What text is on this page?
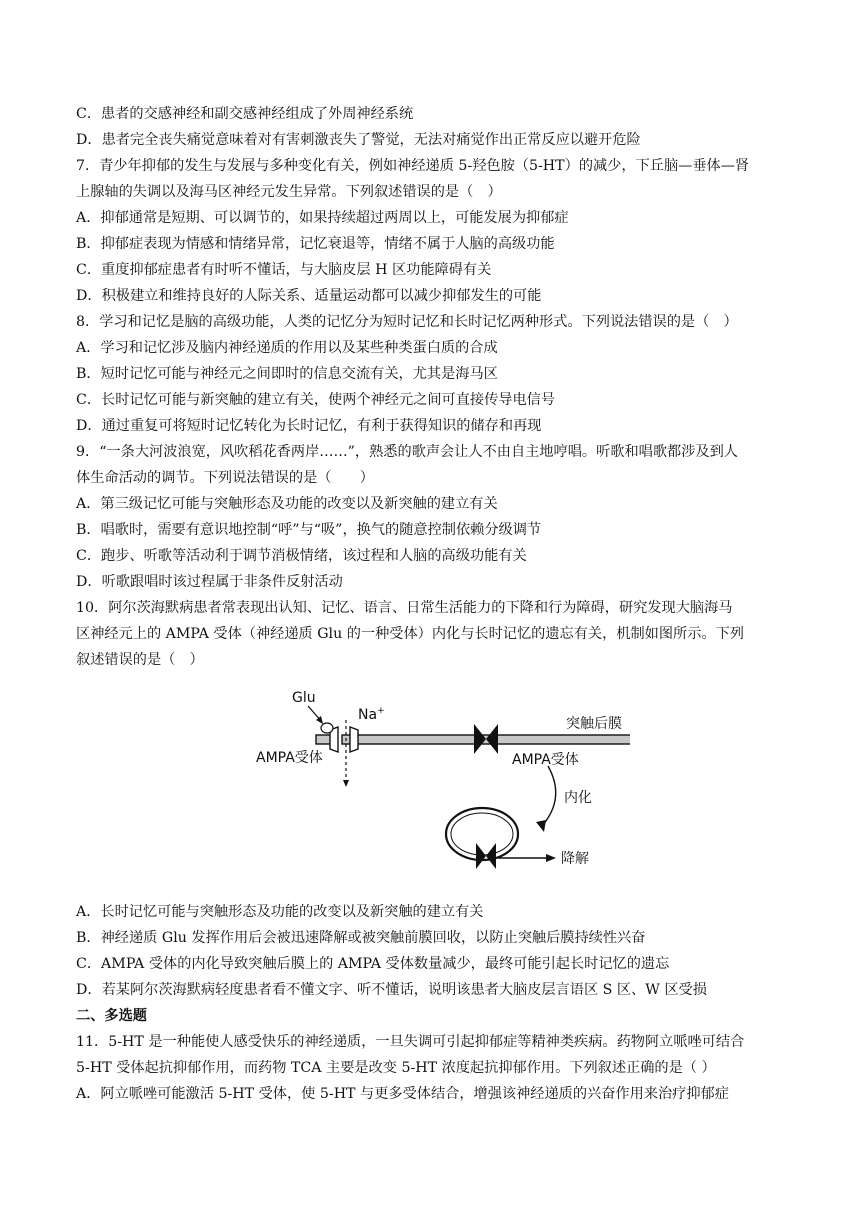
C．患者的交感神经和副交感神经组成了外周神经系统
D．患者完全丧失痛觉意味着对有害刺激丧失了警觉，无法对痛觉作出正常反应以避开危险
7．青少年抑郁的发生与发展与多种变化有关，例如神经递质 5-羟色胺（5-HT）的减少，下丘脑—垂体—肾
上腺轴的失调以及海马区神经元发生异常。下列叙述错误的是（　）
A．抑郁通常是短期、可以调节的，如果持续超过两周以上，可能发展为抑郁症
B．抑郁症表现为情感和情绪异常，记忆衰退等，情绪不属于人脑的高级功能
C．重度抑郁症患者有时听不懂话，与大脑皮层 H 区功能障碍有关
D．积极建立和维持良好的人际关系、适量运动都可以减少抑郁发生的可能
8．学习和记忆是脑的高级功能，人类的记忆分为短时记忆和长时记忆两种形式。下列说法错误的是（　）
A．学习和记忆涉及脑内神经递质的作用以及某些种类蛋白质的合成
B．短时记忆可能与神经元之间即时的信息交流有关，尤其是海马区
C．长时记忆可能与新突触的建立有关，使两个神经元之间可直接传导电信号
D．通过重复可将短时记忆转化为长时记忆，有利于获得知识的储存和再现
9．“一条大河波浪宽，风吹稻花香两岸……”，熟悉的歌声会让人不由自主地哼唱。听歌和唱歌都涉及到人
体生命活动的调节。下列说法错误的是（　　）
A．第三级记忆可能与突触形态及功能的改变以及新突触的建立有关
B．唱歌时，需要有意识地控制“呼”与“吸”，换气的随意控制依赖分级调节
C．跑步、听歌等活动利于调节消极情绪，该过程和人脑的高级功能有关
D．听歌跟唱时该过程属于非条件反射活动
10．阿尔茨海默病患者常表现出认知、记忆、语言、日常生活能力的下降和行为障碍，研究发现大脑海马
区神经元上的 AMPA 受体（神经递质 Glu 的一种受体）内化与长时记忆的遗忘有关，机制如图所示。下列
叙述错误的是（　）
Glu
Na+
突触后膜
AMPA受体	AMPA受体
内化
降解
A．长时记忆可能与突触形态及功能的改变以及新突触的建立有关
B．神经递质 Glu 发挥作用后会被迅速降解或被突触前膜回收，以防止突触后膜持续性兴奋
C．AMPA 受体的内化导致突触后膜上的 AMPA 受体数量减少，最终可能引起长时记忆的遗忘
D．若某阿尔茨海默病轻度患者看不懂文字、听不懂话，说明该患者大脑皮层言语区 S 区、W 区受损
二、多选题
11．5-HT 是一种能使人感受快乐的神经递质，一旦失调可引起抑郁症等精神类疾病。药物阿立哌唑可结合
5-HT 受体起抗抑郁作用，而药物 TCA 主要是改变 5-HT 浓度起抗抑郁作用。下列叙述正确的是（ ）
A．阿立哌唑可能激活 5-HT 受体，使 5-HT 与更多受体结合，增强该神经递质的兴奋作用来治疗抑郁症
